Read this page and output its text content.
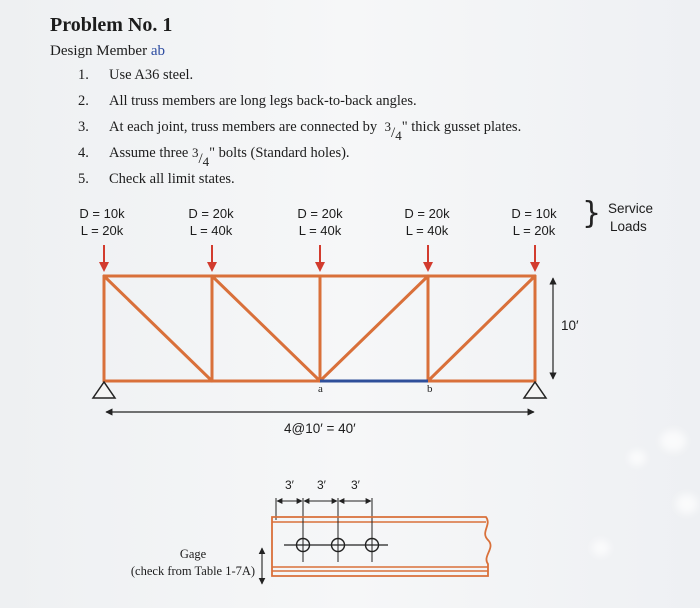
Problem No. 1
Design Member ab
1.	Use A36 steel.
2.	All truss members are long legs back-to-back angles.
3.	At each joint, truss members are connected by $^3/_4$
" thick gusset plates.
4.	Assume three $^3/_4$
" bolts (Standard holes).
5.	Check all limit states.
D = 10k
L = 20k
D = 20k
L = 40k
D = 20k
L = 40k
D = 20k
L = 40k
D = 10k
L = 20k } Service
Loads
10′
4@10′ = 40′
a	b
3′ 3′ 3′
Gage
(check from Table 1-7A)
